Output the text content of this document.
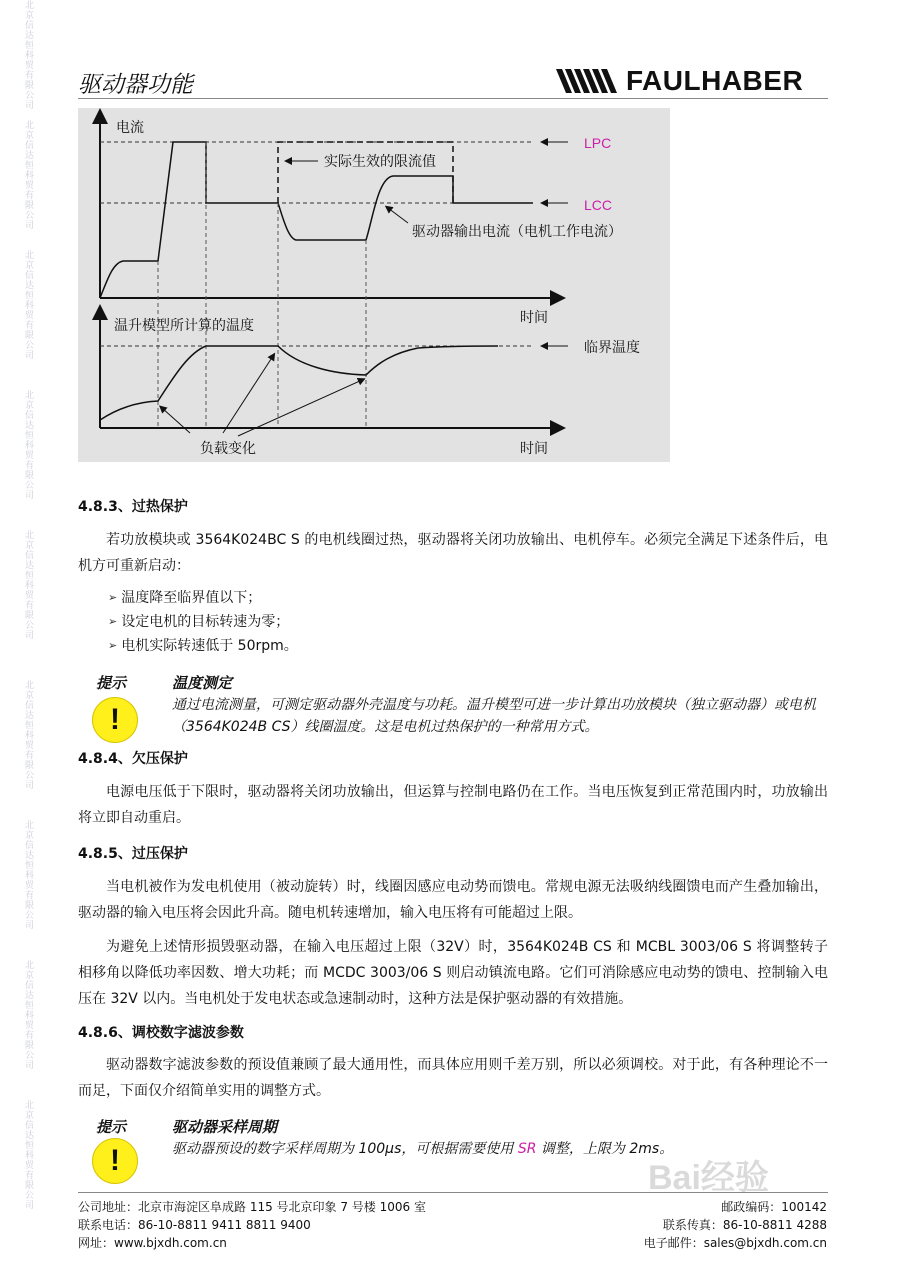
北京信达恒科贸有限公司
北京信达恒科贸有限公司
北京信达恒科贸有限公司
北京信达恒科贸有限公司
北京信达恒科贸有限公司
北京信达恒科贸有限公司
北京信达恒科贸有限公司
北京信达恒科贸有限公司
北京信达恒科贸有限公司
驱动器功能	FAULHABER
电流
LPC
LCC
实际生效的限流值
驱动器输出电流（电机工作电流）
时间
温升模型所计算的温度
临界温度
负载变化	时间
4.8.3、过热保护

若功放模块或 3564K024BC S 的电机线圈过热，驱动器将关闭功放输出、电机停车。必须完全满足下述条件后，电机方可重新启动：

➢ 温度降至临界值以下；
➢ 设定电机的目标转速为零；
➢ 电机实际转速低于 50rpm。
提示	温度测定
!	通过电流测量，可测定驱动器外壳温度与功耗。温升模型可进一步计算出功放模块（独立驱动器）或电机（3564K024B CS）线圈温度。这是电机过热保护的一种常用方式。

4.8.4、欠压保护

电源电压低于下限时，驱动器将关闭功放输出，但运算与控制电路仍在工作。当电压恢复到正常范围内时，功放输出将立即自动重启。

4.8.5、过压保护

当电机被作为发电机使用（被动旋转）时，线圈因感应电动势而馈电。常规电源无法吸纳线圈馈电而产生叠加输出，驱动器的输入电压将会因此升高。随电机转速增加，输入电压将有可能超过上限。

为避免上述情形损毁驱动器，在输入电压超过上限（32V）时，3564K024B CS 和 MCBL 3003/06 S 将调整转子相移角以降低功率因数、增大功耗；而 MCDC 3003/06 S 则启动镇流电路。它们可消除感应电动势的馈电、控制输入电压在 32V 以内。当电机处于发电状态或急速制动时，这种方法是保护驱动器的有效措施。

4.8.6、调校数字滤波参数

驱动器数字滤波参数的预设值兼顾了最大通用性，而具体应用则千差万别，所以必须调校。对于此，有各种理论不一而足，下面仅介绍简单实用的调整方式。

提示	驱动器采样周期
!	驱动器预设的数字采样周期为 100μs，可根据需要使用 SR 调整，上限为 2ms。

Bai经验
公司地址：北京市海淀区阜成路 115 号北京印象 7 号楼 1006 室	邮政编码：100142
联系电话：86-10-8811 9411 8811 9400	联系传真：86-10-8811 4288
网址：www.bjxdh.com.cn	电子邮件：sales@bjxdh.com.cn
